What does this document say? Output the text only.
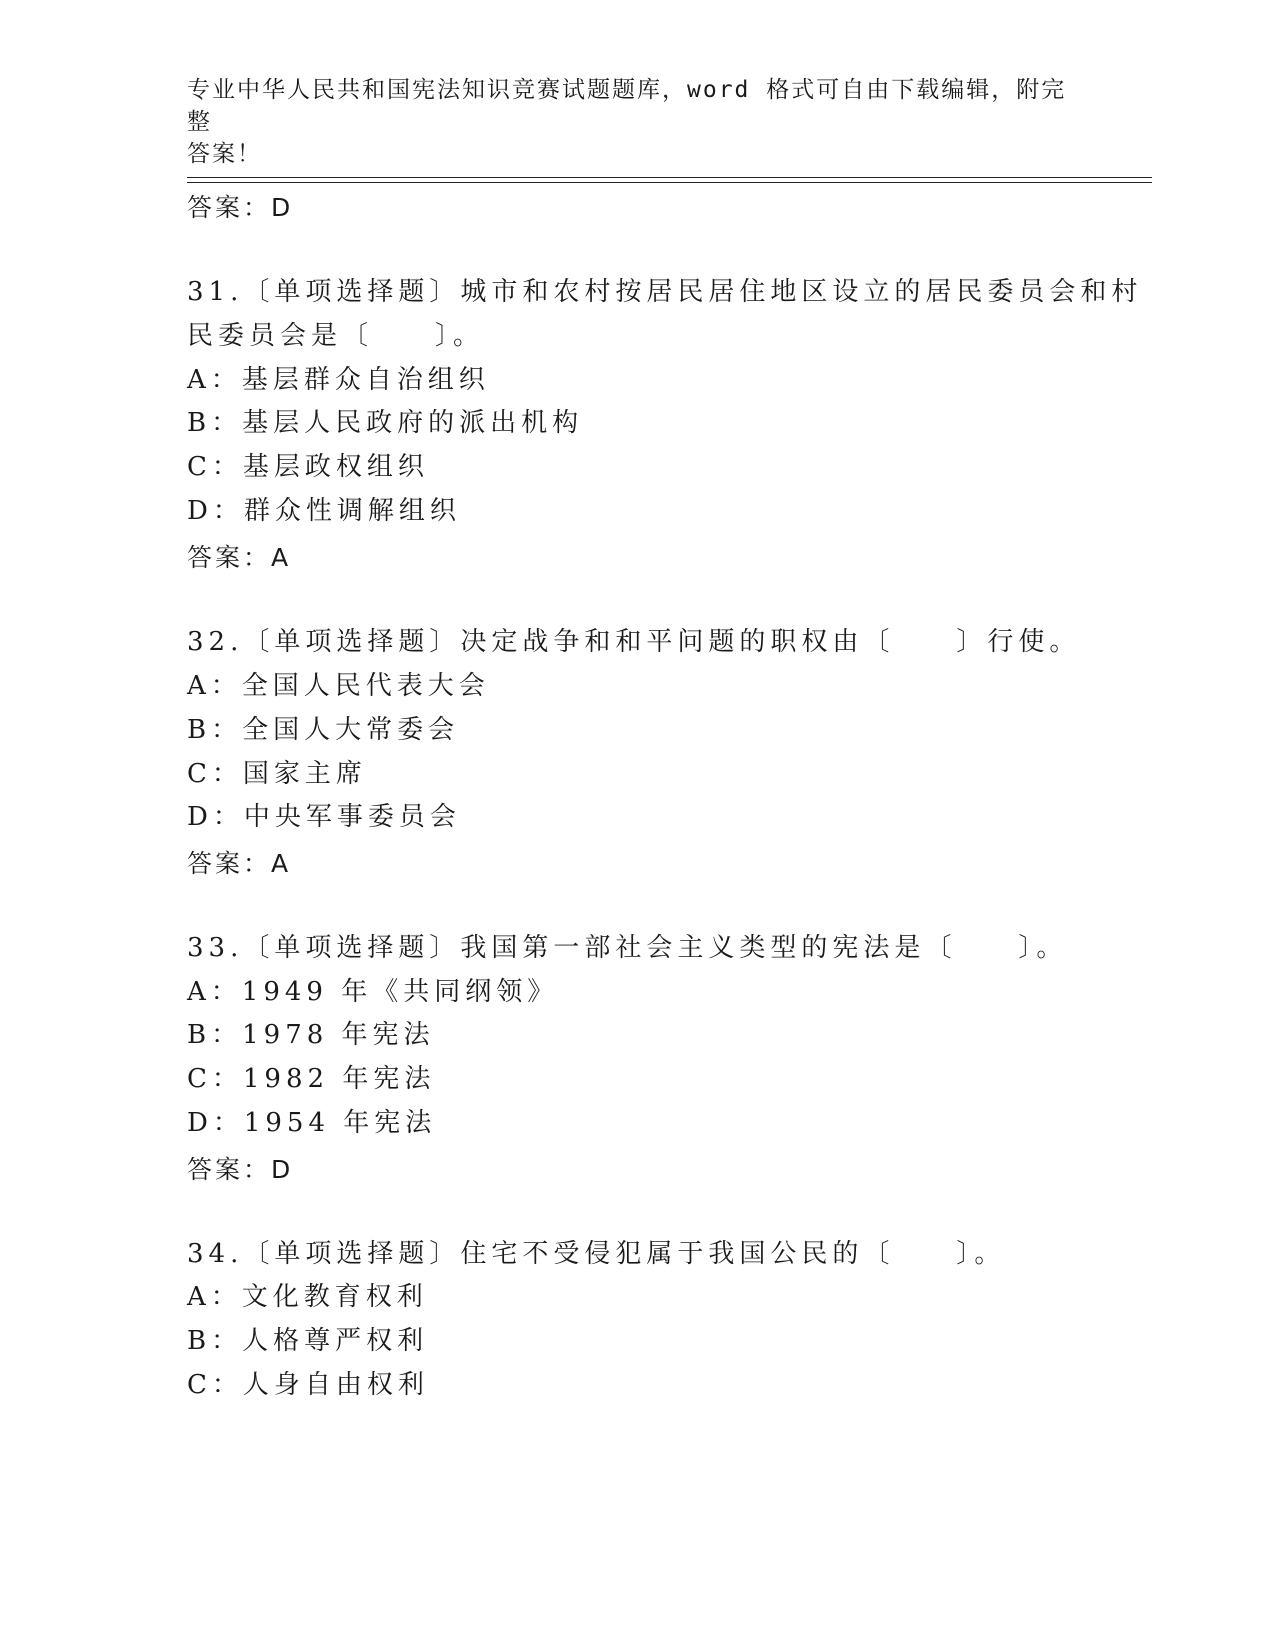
专业中华人民共和国宪法知识竞赛试题题库，word 格式可自由下载编辑，附完整
答案！
答案：D
31.〔单项选择题〕城市和农村按居民居住地区设立的居民委员会和村
民委员会是〔　　〕。
A：基层群众自治组织
B：基层人民政府的派出机构
C：基层政权组织
D：群众性调解组织
答案：A
32.〔单项选择题〕决定战争和和平问题的职权由〔　　〕行使。
A：全国人民代表大会
B：全国人大常委会
C：国家主席
D：中央军事委员会
答案：A
33.〔单项选择题〕我国第一部社会主义类型的宪法是〔　　〕。
A：1949 年《共同纲领》
B：1978 年宪法
C：1982 年宪法
D：1954 年宪法
答案：D
34.〔单项选择题〕住宅不受侵犯属于我国公民的〔　　〕。
A：文化教育权利
B：人格尊严权利
C：人身自由权利
